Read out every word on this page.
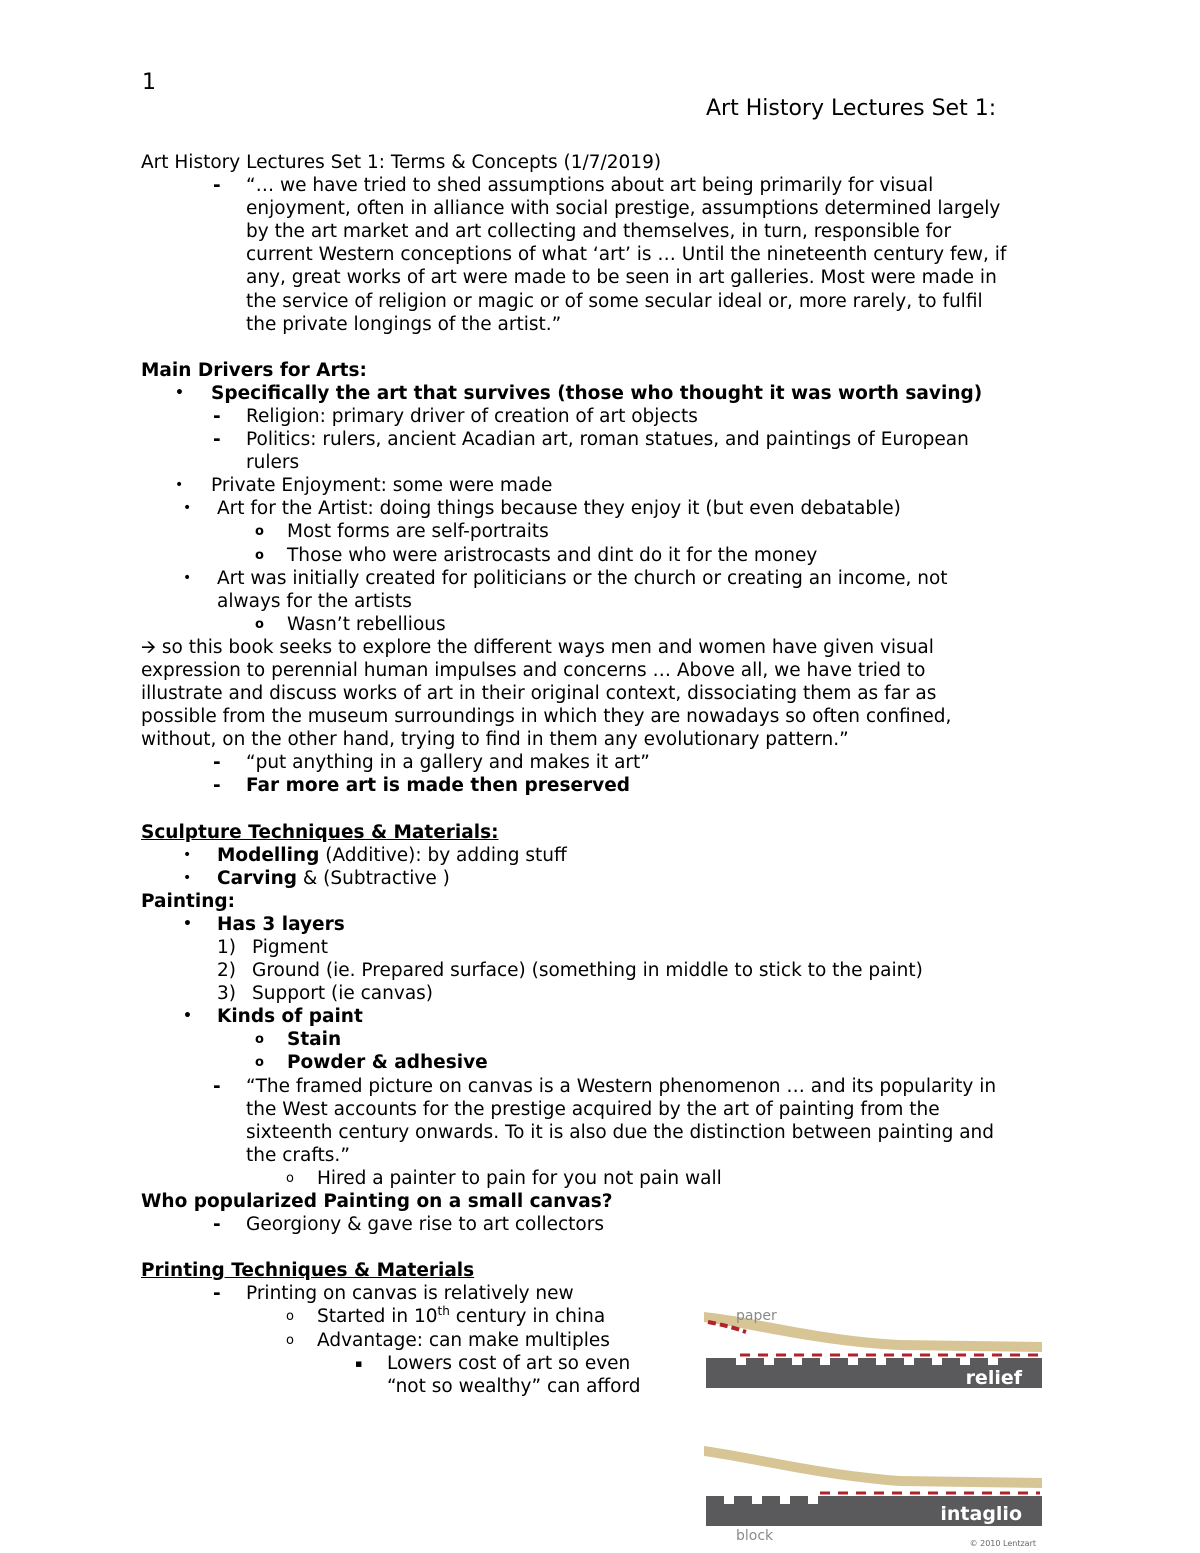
1
Art History Lectures Set 1:
Art History Lectures Set 1: Terms & Concepts (1/7/2019)
- “… we have tried to shed assumptions about art being primarily for visual
enjoyment, often in alliance with social prestige, assumptions determined largely
by the art market and art collecting and themselves, in turn, responsible for
current Western conceptions of what ‘art’ is … Until the nineteenth century few, if
any, great works of art were made to be seen in art galleries. Most were made in
the service of religion or magic or of some secular ideal or, more rarely, to fulfil
the private longings of the artist.”
Main Drivers for Arts:
• Specifically the art that survives (those who thought it was worth saving)
- Religion: primary driver of creation of art objects
- Politics: rulers, ancient Acadian art, roman statues, and paintings of European
rulers
• Private Enjoyment: some were made
• Art for the Artist: doing things because they enjoy it (but even debatable)
o Most forms are self-portraits
o Those who were aristrocasts and dint do it for the money
• Art was initially created for politicians or the church or creating an income, not
always for the artists
o Wasn’t rebellious
🡪 so this book seeks to explore the different ways men and women have given visual
expression to perennial human impulses and concerns … Above all, we have tried to
illustrate and discuss works of art in their original context, dissociating them as far as
possible from the museum surroundings in which they are nowadays so often confined,
without, on the other hand, trying to find in them any evolutionary pattern.”
- “put anything in a gallery and makes it art”
- Far more art is made then preserved
Sculpture Techniques & Materials:
• Modelling (Additive): by adding stuff
• Carving & (Subtractive )
Painting:
• Has 3 layers
1) Pigment
2) Ground (ie. Prepared surface) (something in middle to stick to the paint)
3) Support (ie canvas)
• Kinds of paint
o Stain
o Powder & adhesive
- “The framed picture on canvas is a Western phenomenon … and its popularity in
the West accounts for the prestige acquired by the art of painting from the
sixteenth century onwards. To it is also due the distinction between painting and
the crafts.”
o Hired a painter to pain for you not pain wall
Who popularized Painting on a small canvas?
- Georgiony & gave rise to art collectors
Printing Techniques & Materials
- Printing on canvas is relatively new
o Started in 10th century in china
o Advantage: can make multiples
▪ Lowers cost of art so even
“not so wealthy” can afford
paper
relief
intaglio
block	© 2010 Lentzart
